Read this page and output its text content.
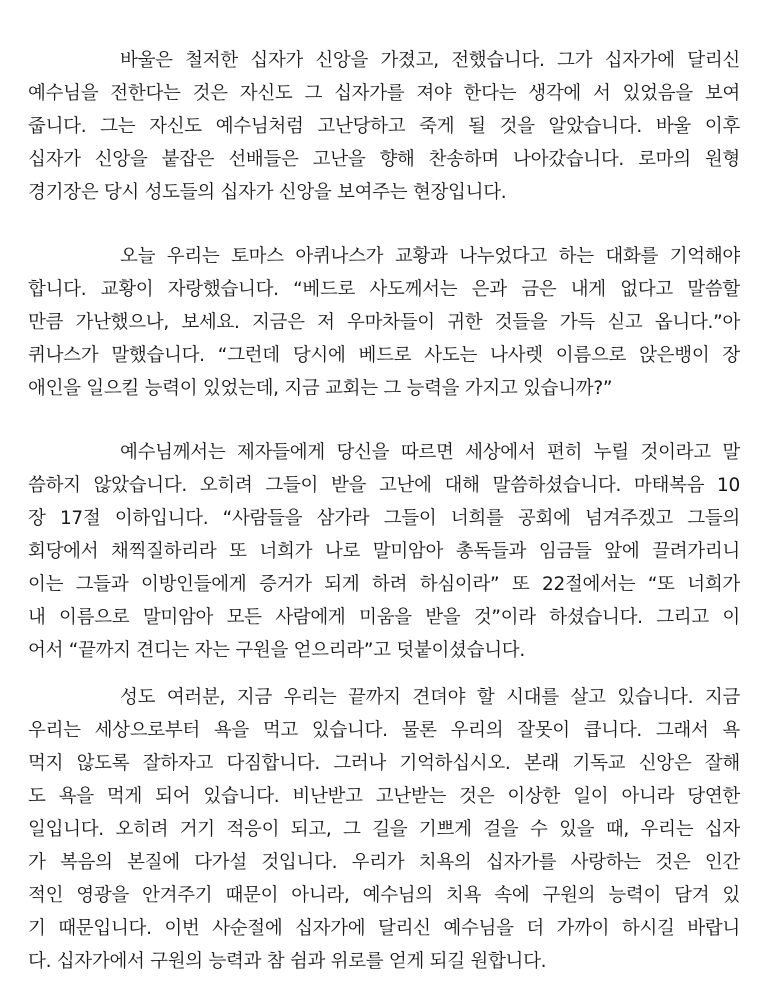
바울은 철저한 십자가 신앙을 가졌고, 전했습니다. 그가 십자가에 달리신
예수님을 전한다는 것은 자신도 그 십자가를 져야 한다는 생각에 서 있었음을 보여
줍니다. 그는 자신도 예수님처럼 고난당하고 죽게 될 것을 알았습니다. 바울 이후
십자가 신앙을 붙잡은 선배들은 고난을 향해 찬송하며 나아갔습니다. 로마의 원형
경기장은 당시 성도들의 십자가 신앙을 보여주는 현장입니다.
오늘 우리는 토마스 아퀴나스가 교황과 나누었다고 하는 대화를 기억해야
합니다. 교황이 자랑했습니다. “베드로 사도께서는 은과 금은 내게 없다고 말씀할
만큼 가난했으나, 보세요. 지금은 저 우마차들이 귀한 것들을 가득 싣고 옵니다.”아
퀴나스가 말했습니다. “그런데 당시에 베드로 사도는 나사렛 이름으로 앉은뱅이 장
애인을 일으킬 능력이 있었는데, 지금 교회는 그 능력을 가지고 있습니까?”
예수님께서는 제자들에게 당신을 따르면 세상에서 편히 누릴 것이라고 말
씀하지 않았습니다. 오히려 그들이 받을 고난에 대해 말씀하셨습니다. 마태복음 10
장 17절 이하입니다. “사람들을 삼가라 그들이 너희를 공회에 넘겨주겠고 그들의
회당에서 채찍질하리라 또 너희가 나로 말미암아 총독들과 임금들 앞에 끌려가리니
이는 그들과 이방인들에게 증거가 되게 하려 하심이라” 또 22절에서는 “또 너희가
내 이름으로 말미암아 모든 사람에게 미움을 받을 것”이라 하셨습니다. 그리고 이
어서 “끝까지 견디는 자는 구원을 얻으리라”고 덧붙이셨습니다.
성도 여러분, 지금 우리는 끝까지 견뎌야 할 시대를 살고 있습니다. 지금
우리는 세상으로부터 욕을 먹고 있습니다. 물론 우리의 잘못이 큽니다. 그래서 욕
먹지 않도록 잘하자고 다짐합니다. 그러나 기억하십시오. 본래 기독교 신앙은 잘해
도 욕을 먹게 되어 있습니다. 비난받고 고난받는 것은 이상한 일이 아니라 당연한
일입니다. 오히려 거기 적응이 되고, 그 길을 기쁘게 걸을 수 있을 때, 우리는 십자
가 복음의 본질에 다가설 것입니다. 우리가 치욕의 십자가를 사랑하는 것은 인간
적인 영광을 안겨주기 때문이 아니라, 예수님의 치욕 속에 구원의 능력이 담겨 있
기 때문입니다. 이번 사순절에 십자가에 달리신 예수님을 더 가까이 하시길 바랍니
다. 십자가에서 구원의 능력과 참 쉼과 위로를 얻게 되길 원합니다.
